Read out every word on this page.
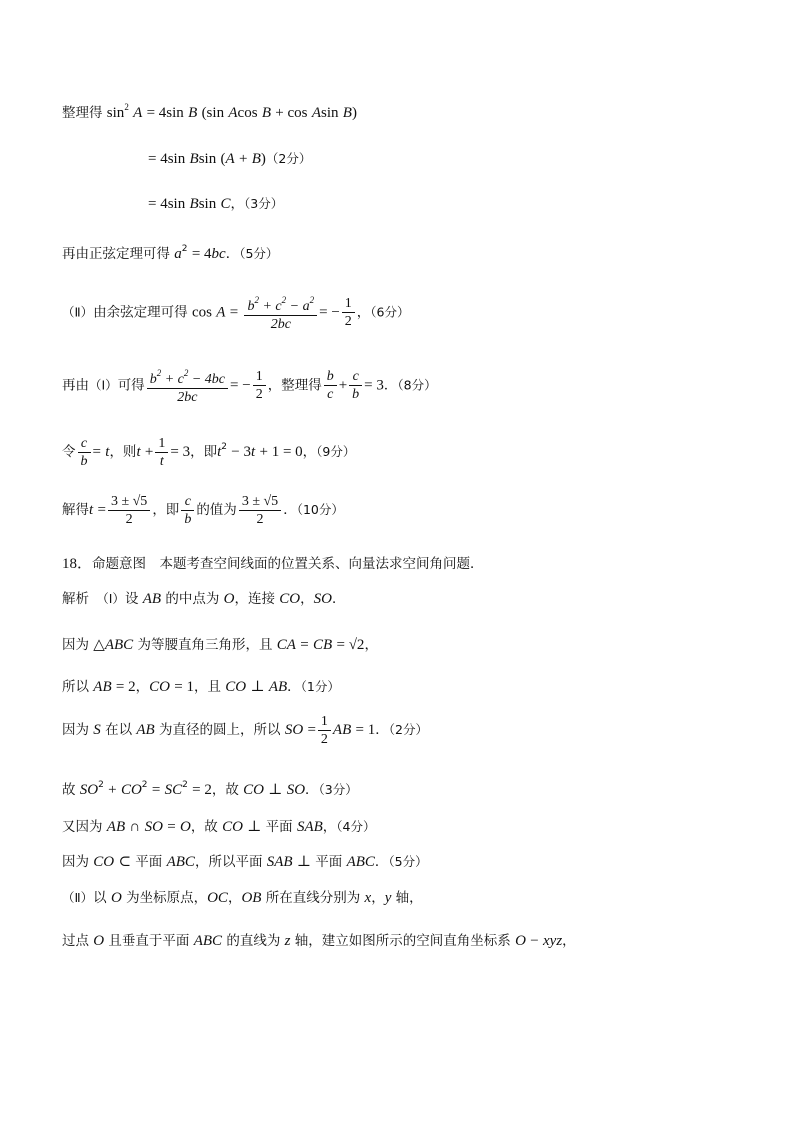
整理得 $\sin^2 A = 4\sin$ B (sin Acos B + cos Asin B)
= 4sin Bsin (A + B)（2分）
= 4sin Bsin C，（3分）
再由正弦定理可得 $a^2 = 4bc$．（5分）
（Ⅱ）由余弦定理可得 $\cos A = \frac{b^2 + c^2 - a^2}{2bc}$ = − $\frac{1}{2}$ ，（6分）
再由（Ⅰ）可得 $\frac{b^2 + c^2 - 4bc}{2bc}$ = − $\frac{1}{2}$ ，整理得 $\frac{b}{c} + \frac{c}{b} = 3$．（8分）
令 $\frac{c}{b} = t$，则$t + \frac{1}{t} = 3$，即$t^2 - 3t + 1 = 0$，（9分）
解得$t = \frac{3 \pm √5}{2}$ ，即 $\frac{c}{b}$ 的值为 $\frac{3 \pm √5}{2}$ ．（10分）
18．命题意图　本题考查空间线面的位置关系、向量法求空间角问题．
解析　（Ⅰ）设 AB 的中点为 O，连接 CO，SO．
因为 △ABC 为等腰直角三角形，且 CA = CB = √2，
所以 AB = 2，CO = 1，且 CO ⊥ AB．（1分）
因为 S 在以 AB 为直径的圆上，所以 SO = $\frac{1}{2}$ AB = 1．（2分）
故 $SO^2 + CO^2 = SC^2 = 2$，故 CO ⊥ SO．（3分）
又因为 AB ∩ SO = O，故 CO ⊥ 平面 SAB，（4分）
因为 CO ⊂ 平面 ABC，所以平面 SAB ⊥ 平面 ABC．（5分）
（Ⅱ）以 O 为坐标原点，OC，OB 所在直线分别为 x，y 轴，
过点 O 且垂直于平面 ABC 的直线为 z 轴，建立如图所示的空间直角坐标系 O − xyz，
